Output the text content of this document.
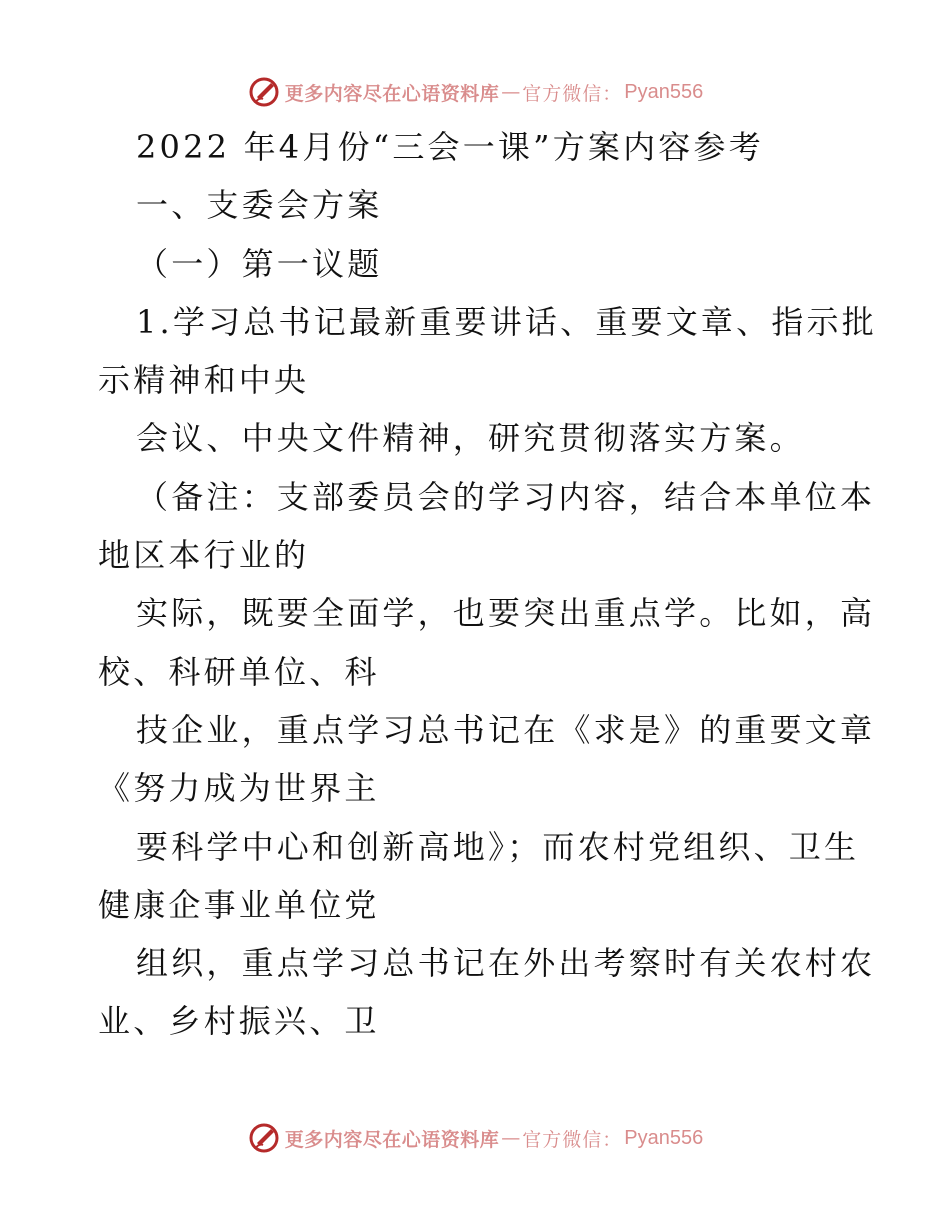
更多内容尽在心语资料库 — 官方微信： Pyan556
2022 年4月份“三会一课”方案内容参考
一、支委会方案
（一）第一议题
1.学习总书记最新重要讲话、重要文章、指示批
示精神和中央
会议、中央文件精神，研究贯彻落实方案。
（备注：支部委员会的学习内容，结合本单位本
地区本行业的
实际，既要全面学，也要突出重点学。比如，高
校、科研单位、科
技企业，重点学习总书记在《求是》的重要文章
《努力成为世界主
要科学中心和创新高地》；而农村党组织、卫生
健康企事业单位党
组织，重点学习总书记在外出考察时有关农村农
业、乡村振兴、卫
更多内容尽在心语资料库 — 官方微信： Pyan556
